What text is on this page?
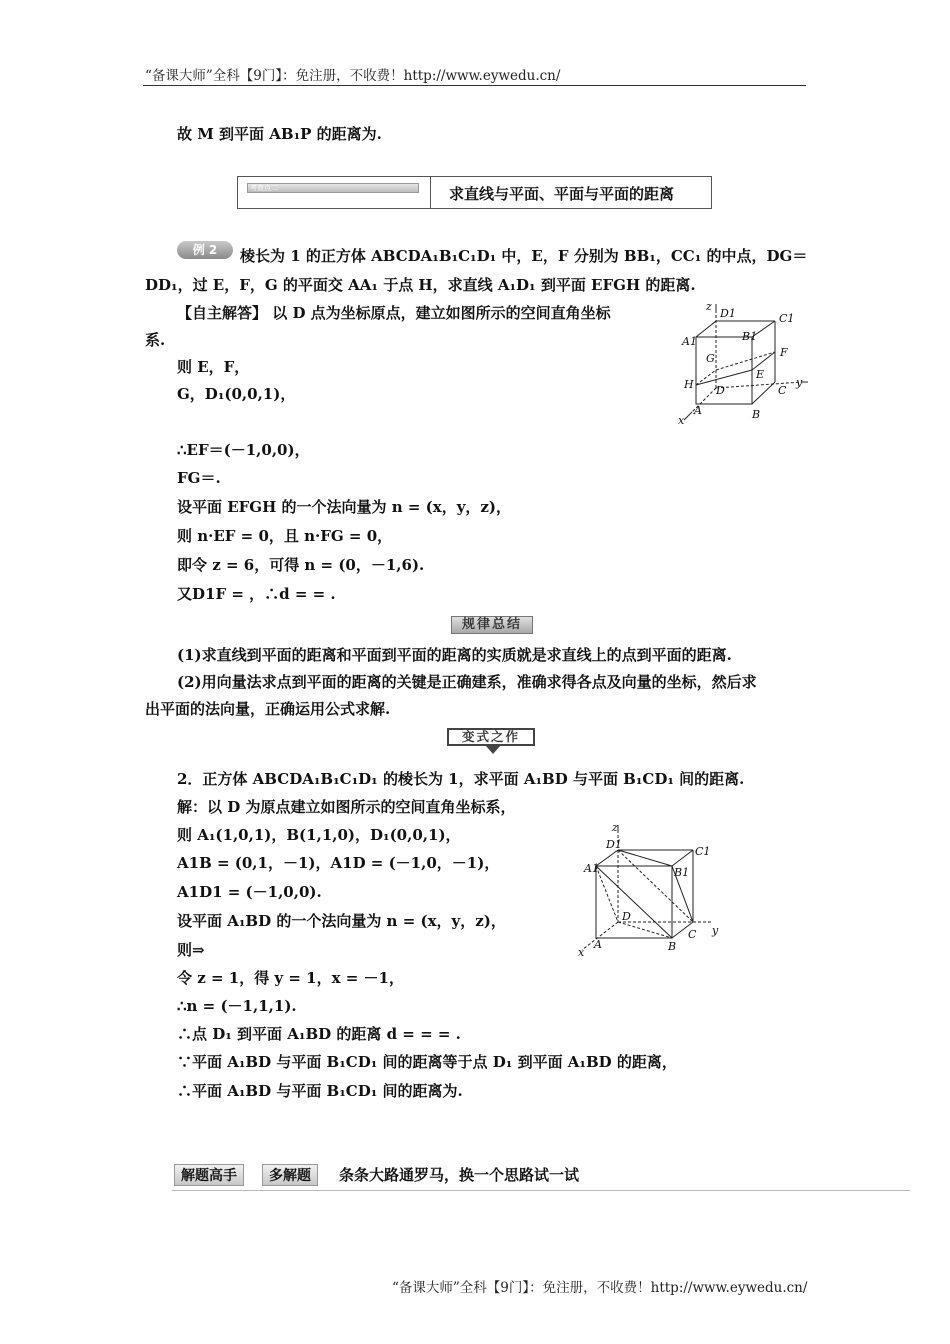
“备课大师”全科【9门】：免注册，不收费！http://www.eywedu.cn/
故 M 到平面 AB₁P 的距离为.
考查点二	求直线与平面、平面与平面的距离
例 2	棱长为 1 的正方体 ABCDA₁B₁C₁D₁ 中，E，F 分别为 BB₁，CC₁ 的中点，DG＝
DD₁，过 E，F，G 的平面交 AA₁ 于点 H，求直线 A₁D₁ 到平面 EFGH 的距离.
【自主解答】 以 D 点为坐标原点，建立如图所示的空间直角坐标
系.
则 E，F，
G，D₁(0,0,1)，
∴EF＝(－1,0,0)，
FG＝.
设平面 EFGH 的一个法向量为 n = (x，y，z)，
则 n·EF = 0，且 n·FG = 0，
即令 z = 6，可得 n = (0，－1,6).
又D1F = ，∴d = = .
z
D1	C1
A1	B1
G	F
H D
E
y
C
A	B
x
规律总结
(1)求直线到平面的距离和平面到平面的距离的实质就是求直线上的点到平面的距离.
(2)用向量法求点到平面的距离的关键是正确建系，准确求得各点及向量的坐标，然后求
出平面的法向量，正确运用公式求解.
变式之作
2．正方体 ABCDA₁B₁C₁D₁ 的棱长为 1，求平面 A₁BD 与平面 B₁CD₁ 间的距离.
解：以 D 为原点建立如图所示的空间直角坐标系，
则 A₁(1,0,1)，B(1,1,0)，D₁(0,0,1)，
A1B = (0,1，－1)，A1D = (－1,0，－1)，
A1D1 = (－1,0,0).
设平面 A₁BD 的一个法向量为 n = (x，y，z)，
则⇒
令 z = 1，得 y = 1，x = －1，
∴n = (－1,1,1).
∴点 D₁ 到平面 A₁BD 的距离 d = = = .
∵平面 A₁BD 与平面 B₁CD₁ 间的距离等于点 D₁ 到平面 A₁BD 的距离，
∴平面 A₁BD 与平面 B₁CD₁ 间的距离为.
z
D1
C1
A1	B1
D
A	B
C y
x
解题高手	多解题	条条大路通罗马，换一个思路试一试
“备课大师”全科【9门】：免注册，不收费！http://www.eywedu.cn/
